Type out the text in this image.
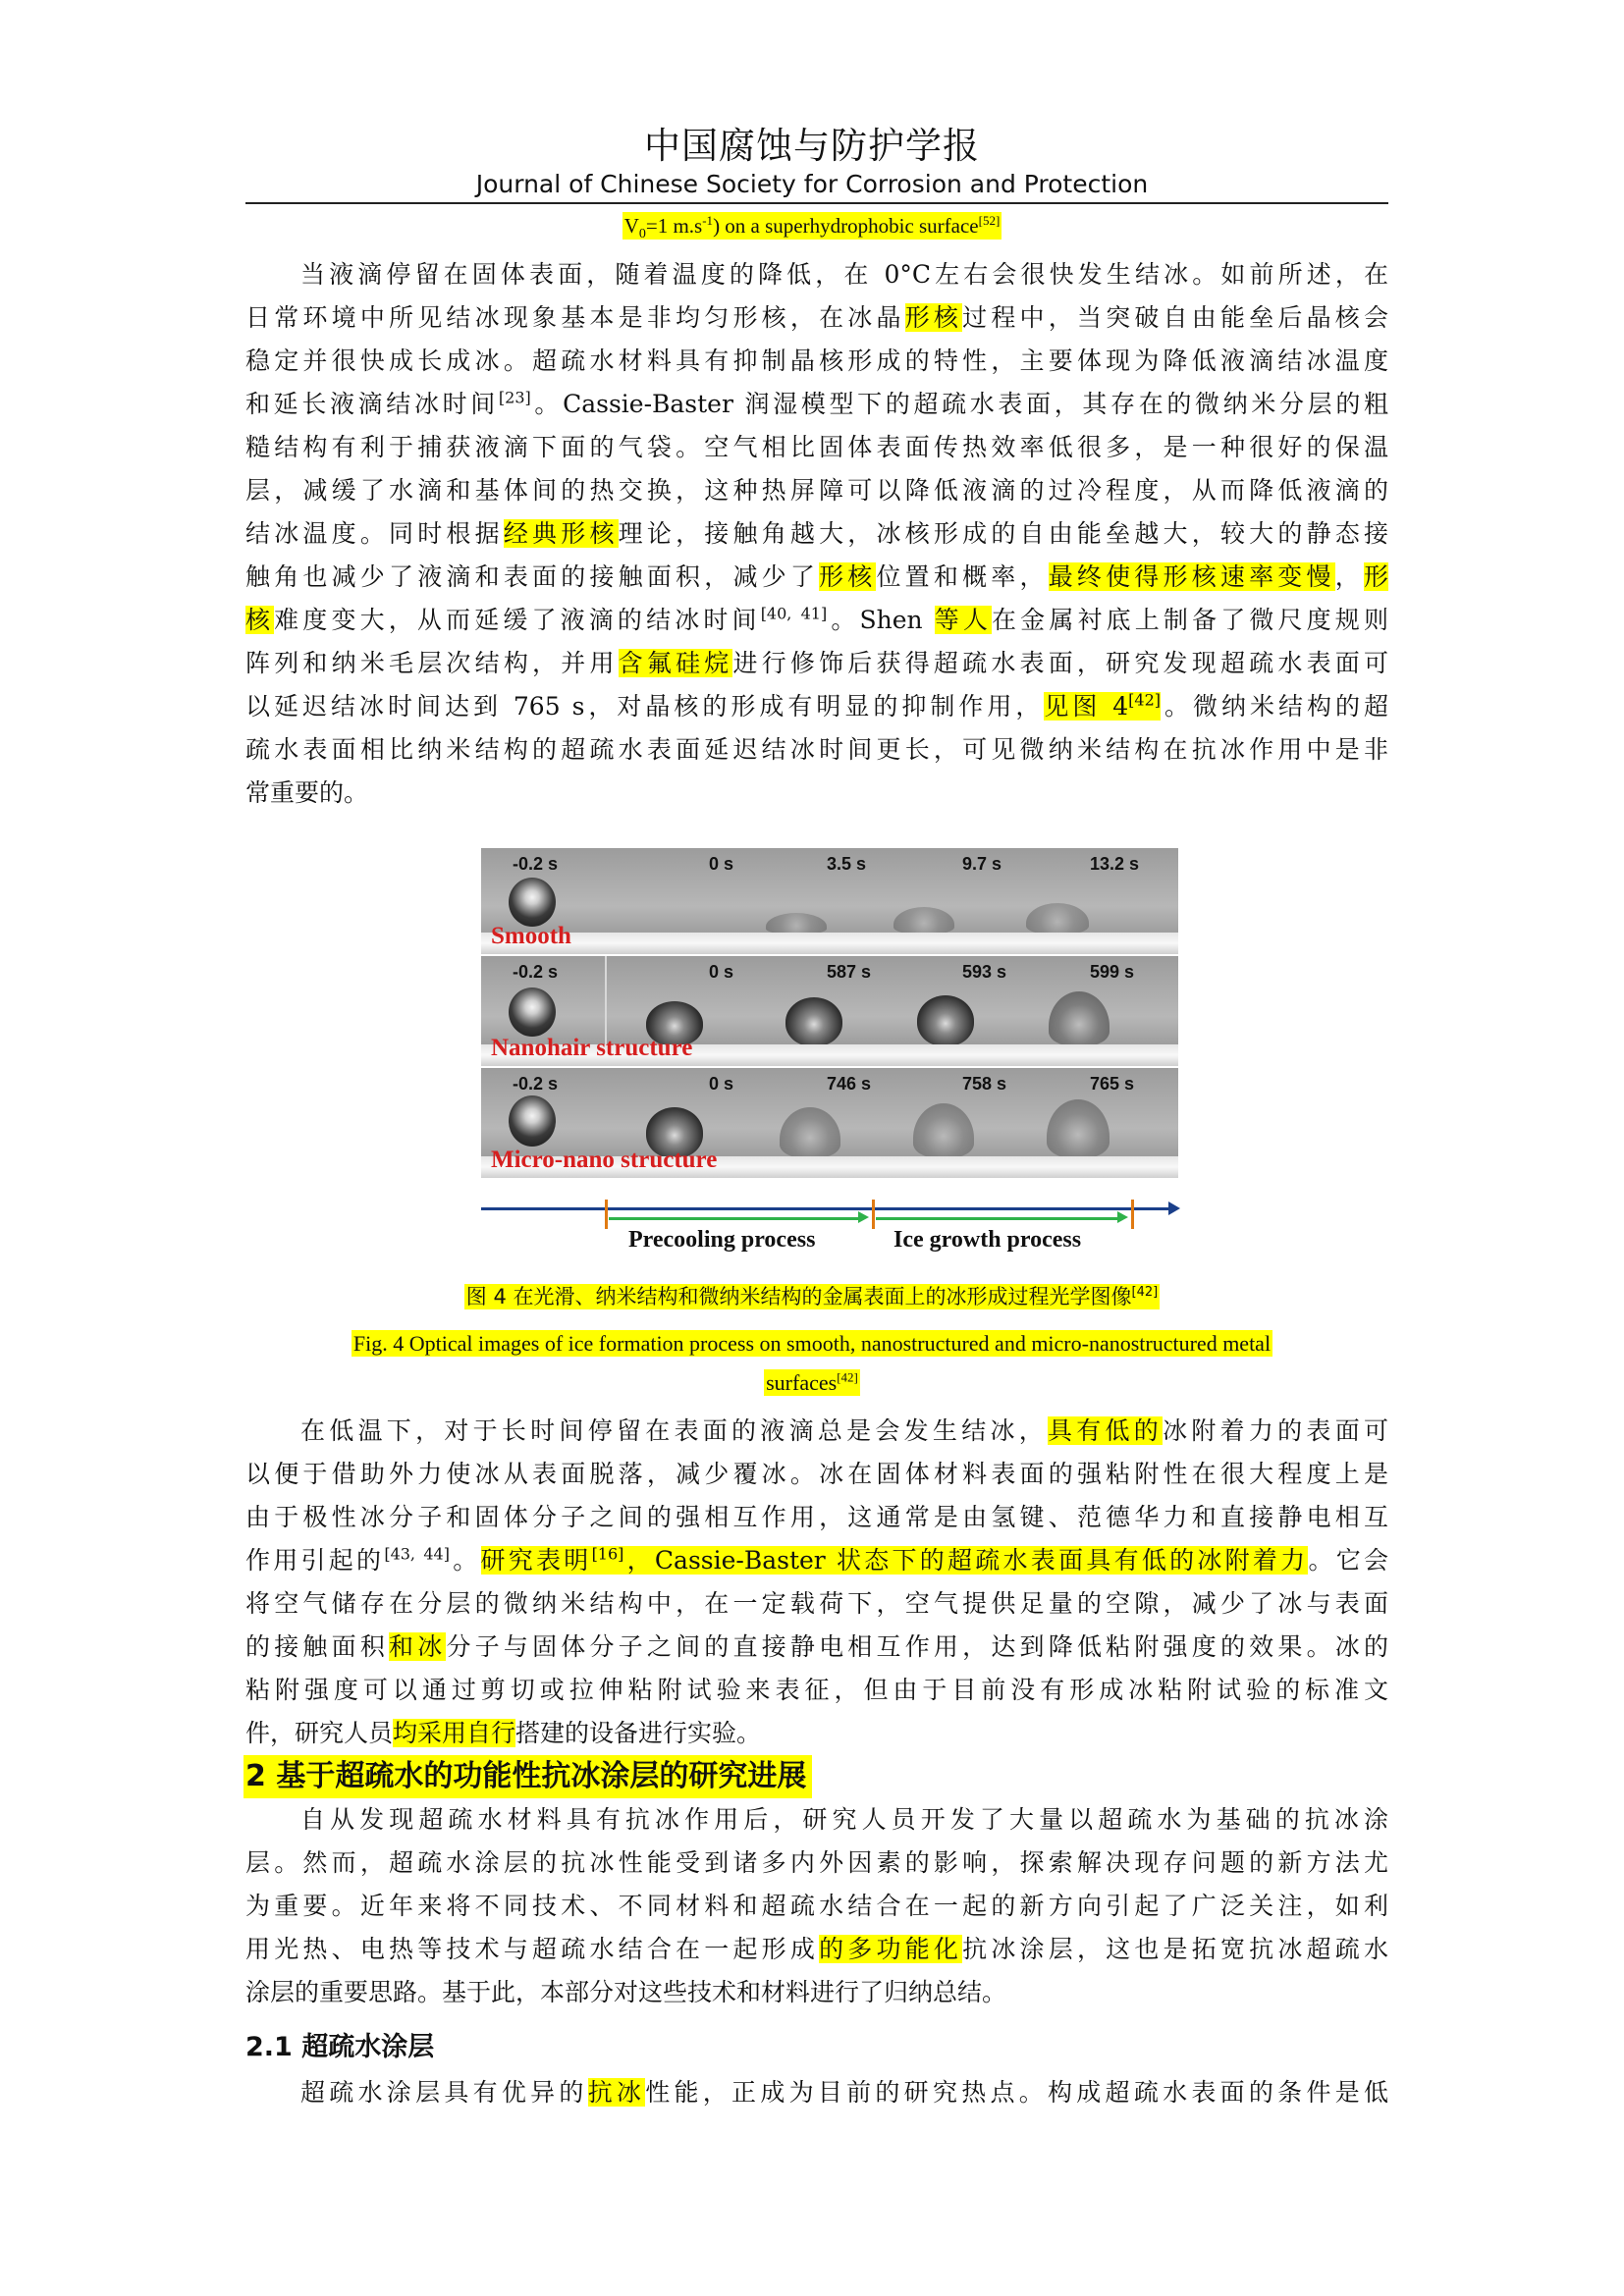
中国腐蚀与防护学报
Journal of Chinese Society for Corrosion and Protection
$V_0=1$ $m.s^{-1}$) on a superhydrophobic surface[52]
当液滴停留在固体表面，随着温度的降低，在 0°C左右会很快发生结冰。如前所述，在
日常环境中所见结冰现象基本是非均匀形核，在冰晶形核过程中，当突破自由能垒后晶核会
稳定并很快成长成冰。超疏水材料具有抑制晶核形成的特性，主要体现为降低液滴结冰温度
和延长液滴结冰时间[23]。Cassie-Baster 润湿模型下的超疏水表面，其存在的微纳米分层的粗
糙结构有利于捕获液滴下面的气袋。空气相比固体表面传热效率低很多，是一种很好的保温
层，减缓了水滴和基体间的热交换，这种热屏障可以降低液滴的过冷程度，从而降低液滴的
结冰温度。同时根据经典形核理论，接触角越大，冰核形成的自由能垒越大，较大的静态接
触角也减少了液滴和表面的接触面积，减少了形核位置和概率，最终使得形核速率变慢，形
核难度变大，从而延缓了液滴的结冰时间[40, 41]。Shen 等人在金属衬底上制备了微尺度规则
阵列和纳米毛层次结构，并用含氟硅烷进行修饰后获得超疏水表面，研究发现超疏水表面可
以延迟结冰时间达到 765 s，对晶核的形成有明显的抑制作用，见图 4[42]。微纳米结构的超
疏水表面相比纳米结构的超疏水表面延迟结冰时间更长，可见微纳米结构在抗冰作用中是非
常重要的。
-0.2 s	0 s	3.5 s	9.7 s	13.2 s
Smooth
-0.2 s	0 s	587 s	593 s	599 s
Nanohair structure
-0.2 s	0 s	746 s	758 s	765 s
Micro-nano structure
Precooling process	Ice growth process
图 4 在光滑、纳米结构和微纳米结构的金属表面上的冰形成过程光学图像[42]
Fig. 4 Optical images of ice formation process on smooth, nanostructured and micro-nanostructured metal
surfaces[42]
在低温下，对于长时间停留在表面的液滴总是会发生结冰，具有低的冰附着力的表面可
以便于借助外力使冰从表面脱落，减少覆冰。冰在固体材料表面的强粘附性在很大程度上是
由于极性冰分子和固体分子之间的强相互作用，这通常是由氢键、范德华力和直接静电相互
作用引起的[43, 44]。研究表明[16]，Cassie-Baster 状态下的超疏水表面具有低的冰附着力。它会
将空气储存在分层的微纳米结构中，在一定载荷下，空气提供足量的空隙，减少了冰与表面
的接触面积和冰分子与固体分子之间的直接静电相互作用，达到降低粘附强度的效果。冰的
粘附强度可以通过剪切或拉伸粘附试验来表征，但由于目前没有形成冰粘附试验的标准文
件，研究人员均采用自行搭建的设备进行实验。
2 基于超疏水的功能性抗冰涂层的研究进展
自从发现超疏水材料具有抗冰作用后，研究人员开发了大量以超疏水为基础的抗冰涂
层。然而，超疏水涂层的抗冰性能受到诸多内外因素的影响，探索解决现存问题的新方法尤
为重要。近年来将不同技术、不同材料和超疏水结合在一起的新方向引起了广泛关注，如利
用光热、电热等技术与超疏水结合在一起形成的多功能化抗冰涂层，这也是拓宽抗冰超疏水
涂层的重要思路。基于此，本部分对这些技术和材料进行了归纳总结。
2.1 超疏水涂层
超疏水涂层具有优异的抗冰性能，正成为目前的研究热点。构成超疏水表面的条件是低
